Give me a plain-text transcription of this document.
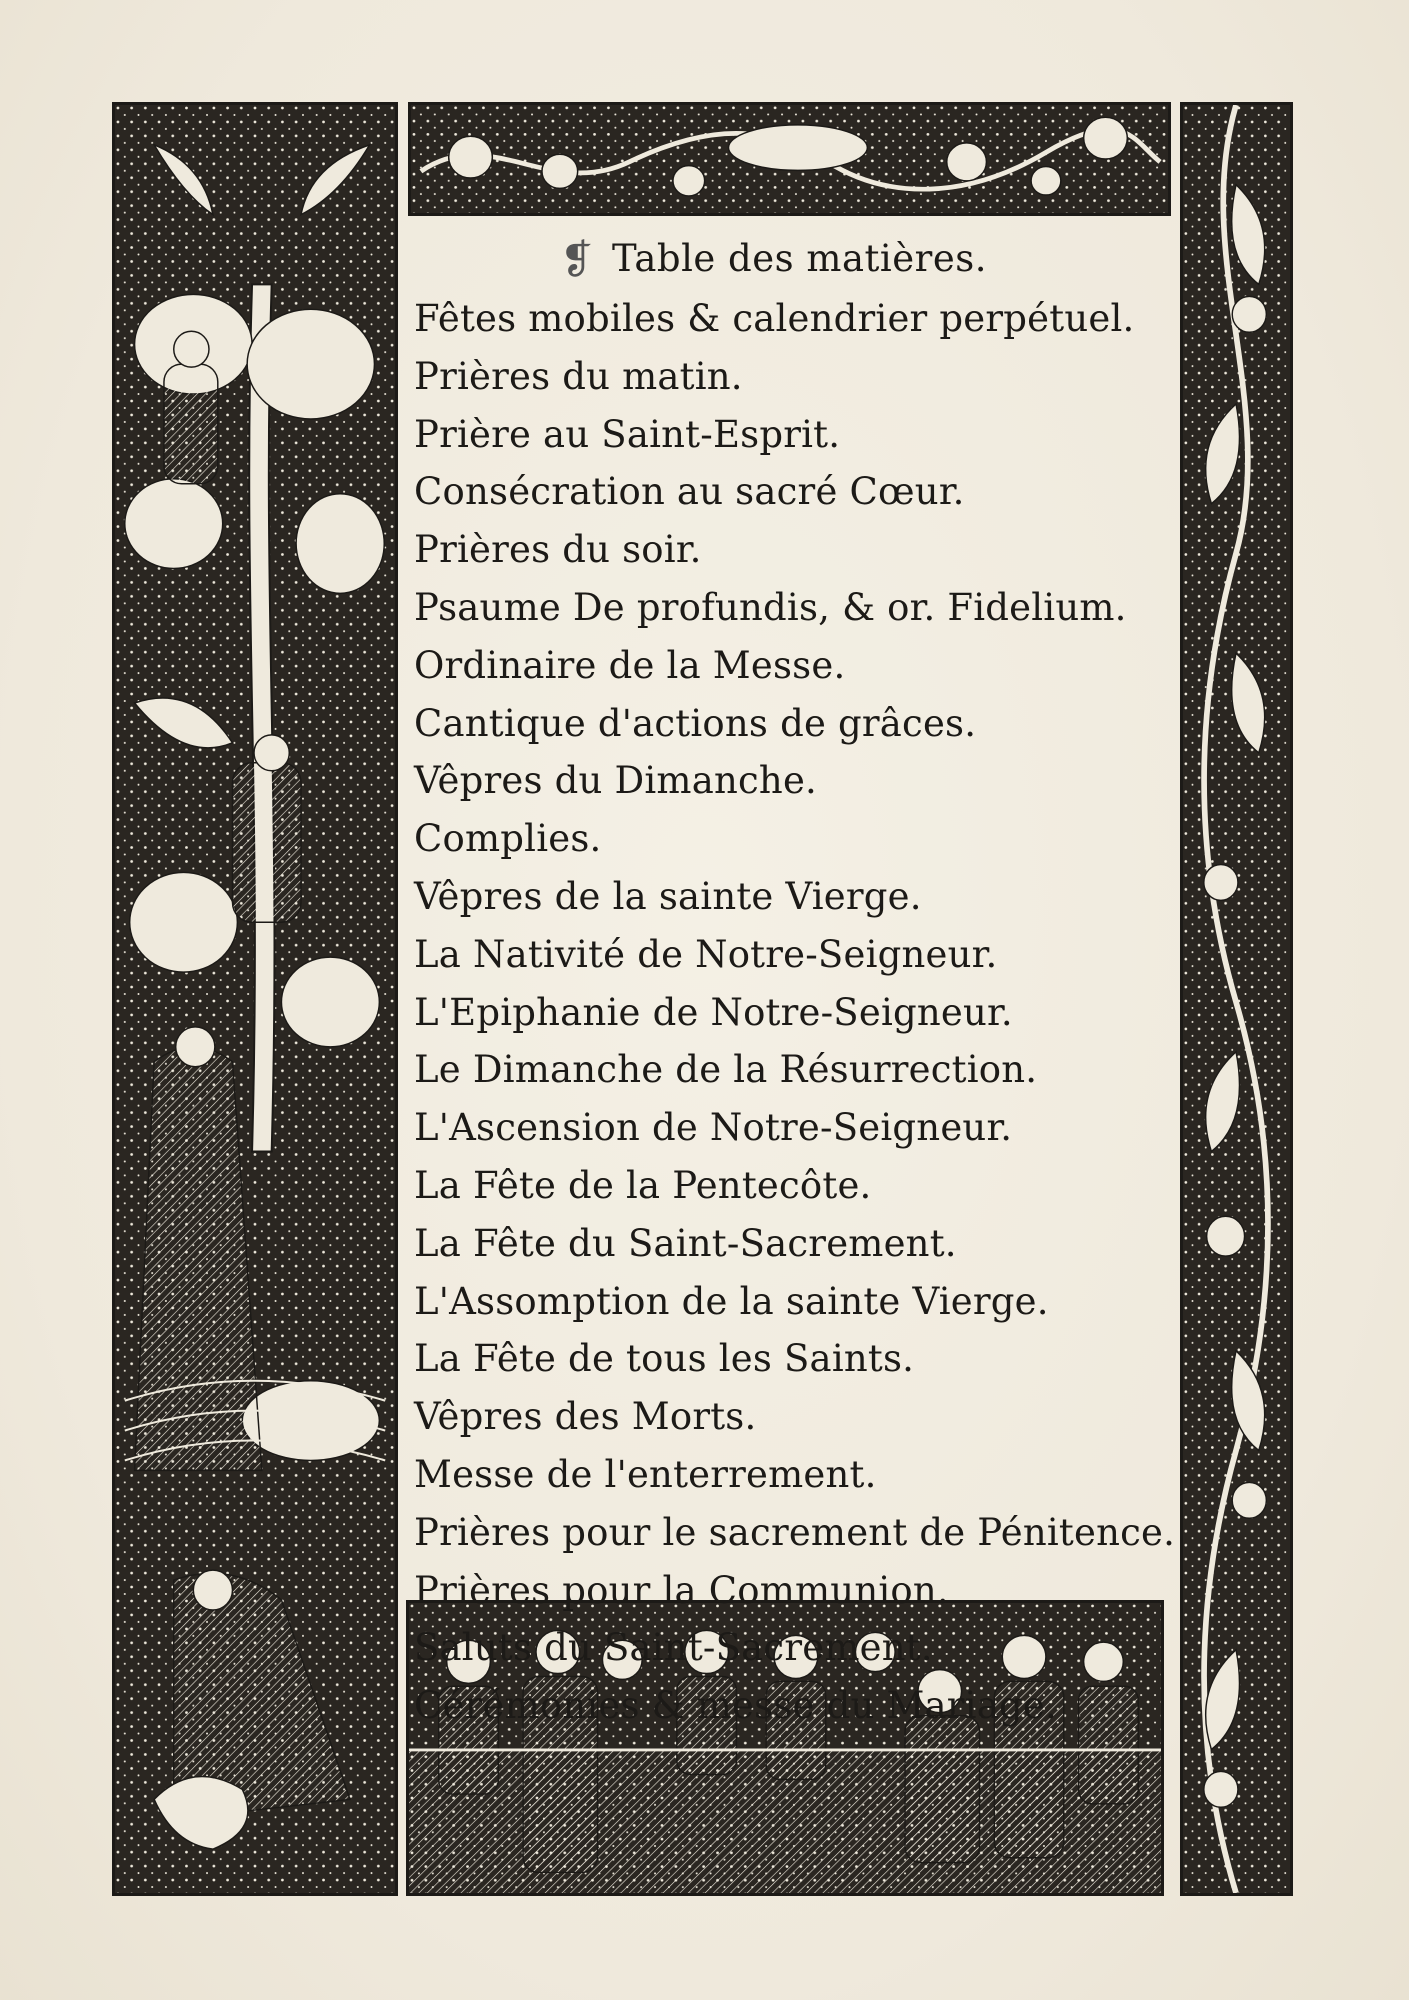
❡ Table des matières.
Fêtes mobiles & calendrier perpétuel.
Prières du matin.
Prière au Saint-Esprit.
Consécration au sacré Cœur.
Prières du soir.
Psaume De profundis, & or. Fidelium.
Ordinaire de la Messe.
Cantique d'actions de grâces.
Vêpres du Dimanche.
Complies.
Vêpres de la sainte Vierge.
La Nativité de Notre-Seigneur.
L'Epiphanie de Notre-Seigneur.
Le Dimanche de la Résurrection.
L'Ascension de Notre-Seigneur.
La Fête de la Pentecôte.
La Fête du Saint-Sacrement.
L'Assomption de la sainte Vierge.
La Fête de tous les Saints.
Vêpres des Morts.
Messe de l'enterrement.
Prières pour le sacrement de Pénitence.
Prières pour la Communion.
Saluts du Saint-Sacrement.
Cérémonies & messe du Mariage.
